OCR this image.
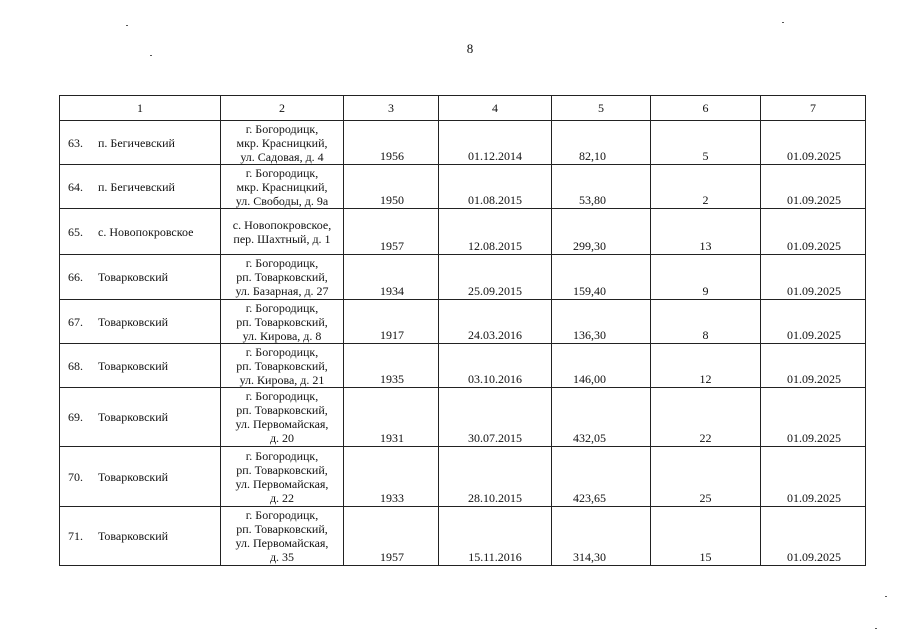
8
1	2	3	4	5	6	7
63. п. Бегичевский	г. Богородицк,
мкр. Красницкий,
ул. Садовая, д. 4	1956	01.12.2014	82,10	5	01.09.2025
64. п. Бегичевский	г. Богородицк,
мкр. Красницкий,
ул. Свободы, д. 9а	1950	01.08.2015	53,80	2	01.09.2025
65. с. Новопокровское	с. Новопокровское,
пер. Шахтный, д. 1	1957	12.08.2015	299,30	13	01.09.2025
66. Товарковский	г. Богородицк,
рп. Товарковский,
ул. Базарная, д. 27	1934	25.09.2015	159,40	9	01.09.2025
67. Товарковский	г. Богородицк,
рп. Товарковский,
ул. Кирова, д. 8	1917	24.03.2016	136,30	8	01.09.2025
68. Товарковский	г. Богородицк,
рп. Товарковский,
ул. Кирова, д. 21	1935	03.10.2016	146,00	12	01.09.2025
69. Товарковский	г. Богородицк,
рп. Товарковский,
ул. Первомайская,
д. 20	1931	30.07.2015	432,05	22	01.09.2025
70. Товарковский	г. Богородицк,
рп. Товарковский,
ул. Первомайская,
д. 22	1933	28.10.2015	423,65	25	01.09.2025
71. Товарковский	г. Богородицк,
рп. Товарковский,
ул. Первомайская,
д. 35	1957	15.11.2016	314,30	15	01.09.2025
